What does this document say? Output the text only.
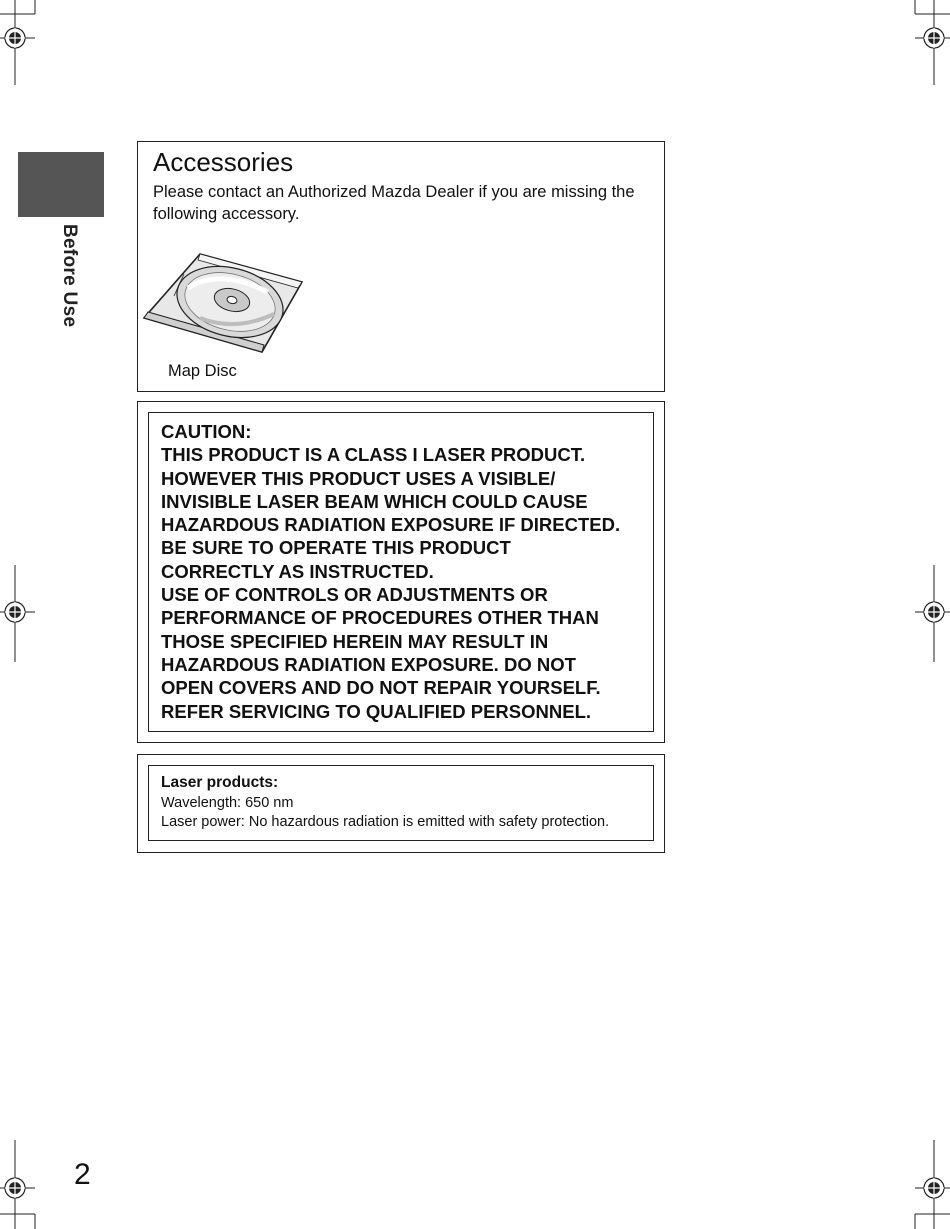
Before Use
Accessories
Please contact an Authorized Mazda Dealer if you are missing the following accessory.
Map Disc
CAUTION:
THIS PRODUCT IS A CLASS I LASER PRODUCT.
HOWEVER THIS PRODUCT USES A VISIBLE/
INVISIBLE LASER BEAM WHICH COULD CAUSE
HAZARDOUS RADIATION EXPOSURE IF DIRECTED.
BE SURE TO OPERATE THIS PRODUCT
CORRECTLY AS INSTRUCTED.
USE OF CONTROLS OR ADJUSTMENTS OR
PERFORMANCE OF PROCEDURES OTHER THAN
THOSE SPECIFIED HEREIN MAY RESULT IN
HAZARDOUS RADIATION EXPOSURE. DO NOT
OPEN COVERS AND DO NOT REPAIR YOURSELF.
REFER SERVICING TO QUALIFIED PERSONNEL.
Laser products:
Wavelength: 650 nm
Laser power: No hazardous radiation is emitted with safety protection.
2
